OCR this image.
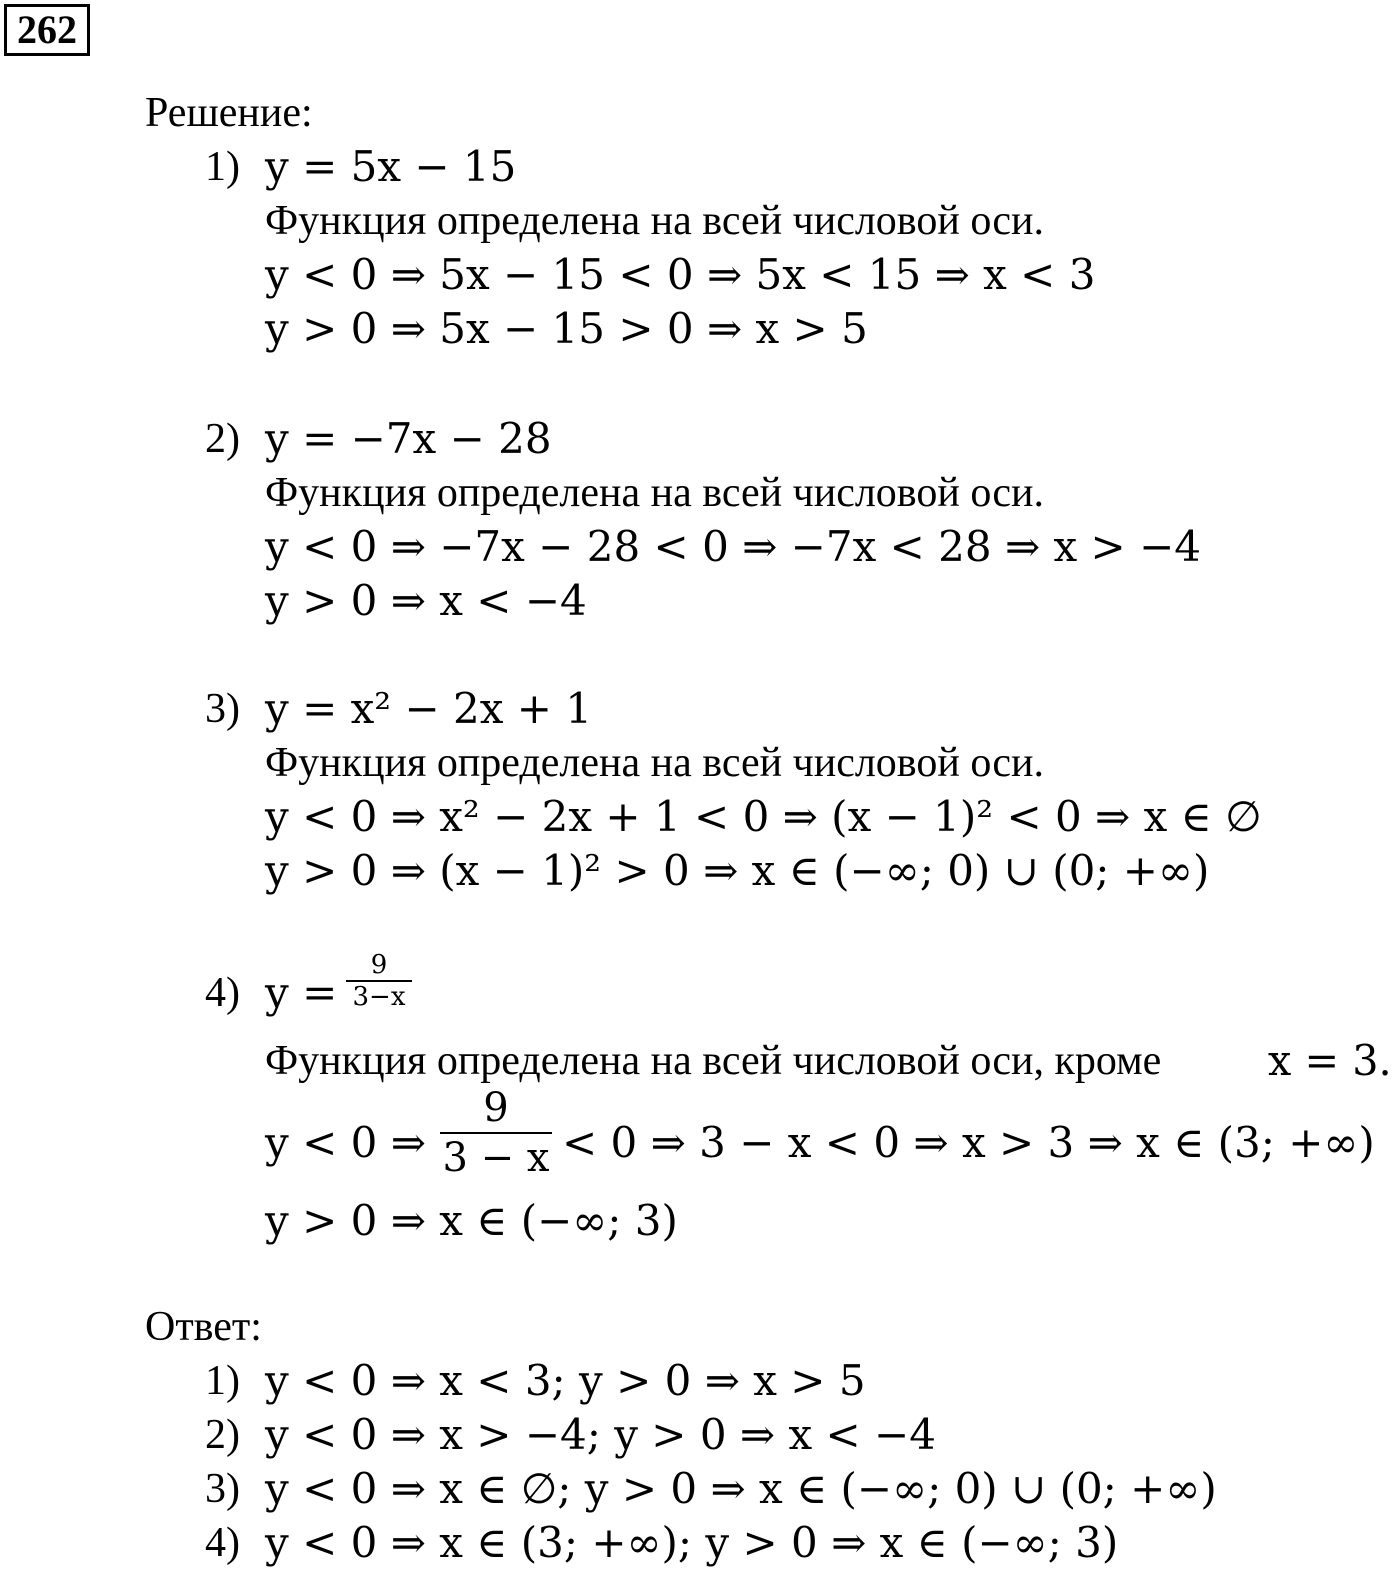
262
Решение:
1) y = 5x − 15
Функция определена на всей числовой оси.
y < 0 ⇒ 5x − 15 < 0 ⇒ 5x < 15 ⇒ x < 3
y > 0 ⇒ 5x − 15 > 0 ⇒ x > 5
2) y = −7x − 28
Функция определена на всей числовой оси.
y < 0 ⇒ −7x − 28 < 0 ⇒ −7x < 28 ⇒ x > −4
y > 0 ⇒ x < −4
3) y = x² − 2x + 1
Функция определена на всей числовой оси.
y < 0 ⇒ x² − 2x + 1 < 0 ⇒ (x − 1)² < 0 ⇒ x ∈ ∅
y > 0 ⇒ (x − 1)² > 0 ⇒ x ∈ (−∞; 0) ∪ (0; +∞)
4) y =
9
3−x
Функция определена на всей числовой оси, кроме	x = 3.
y < 0 ⇒
9
3 − x < 0 ⇒ 3 − x < 0 ⇒ x > 3 ⇒ x ∈ (3; +∞)
y > 0 ⇒ x ∈ (−∞; 3)
Ответ:
1) y < 0 ⇒ x < 3; y > 0 ⇒ x > 5
2) y < 0 ⇒ x > −4; y > 0 ⇒ x < −4
3) y < 0 ⇒ x ∈ ∅; y > 0 ⇒ x ∈ (−∞; 0) ∪ (0; +∞)
4) y < 0 ⇒ x ∈ (3; +∞); y > 0 ⇒ x ∈ (−∞; 3)
